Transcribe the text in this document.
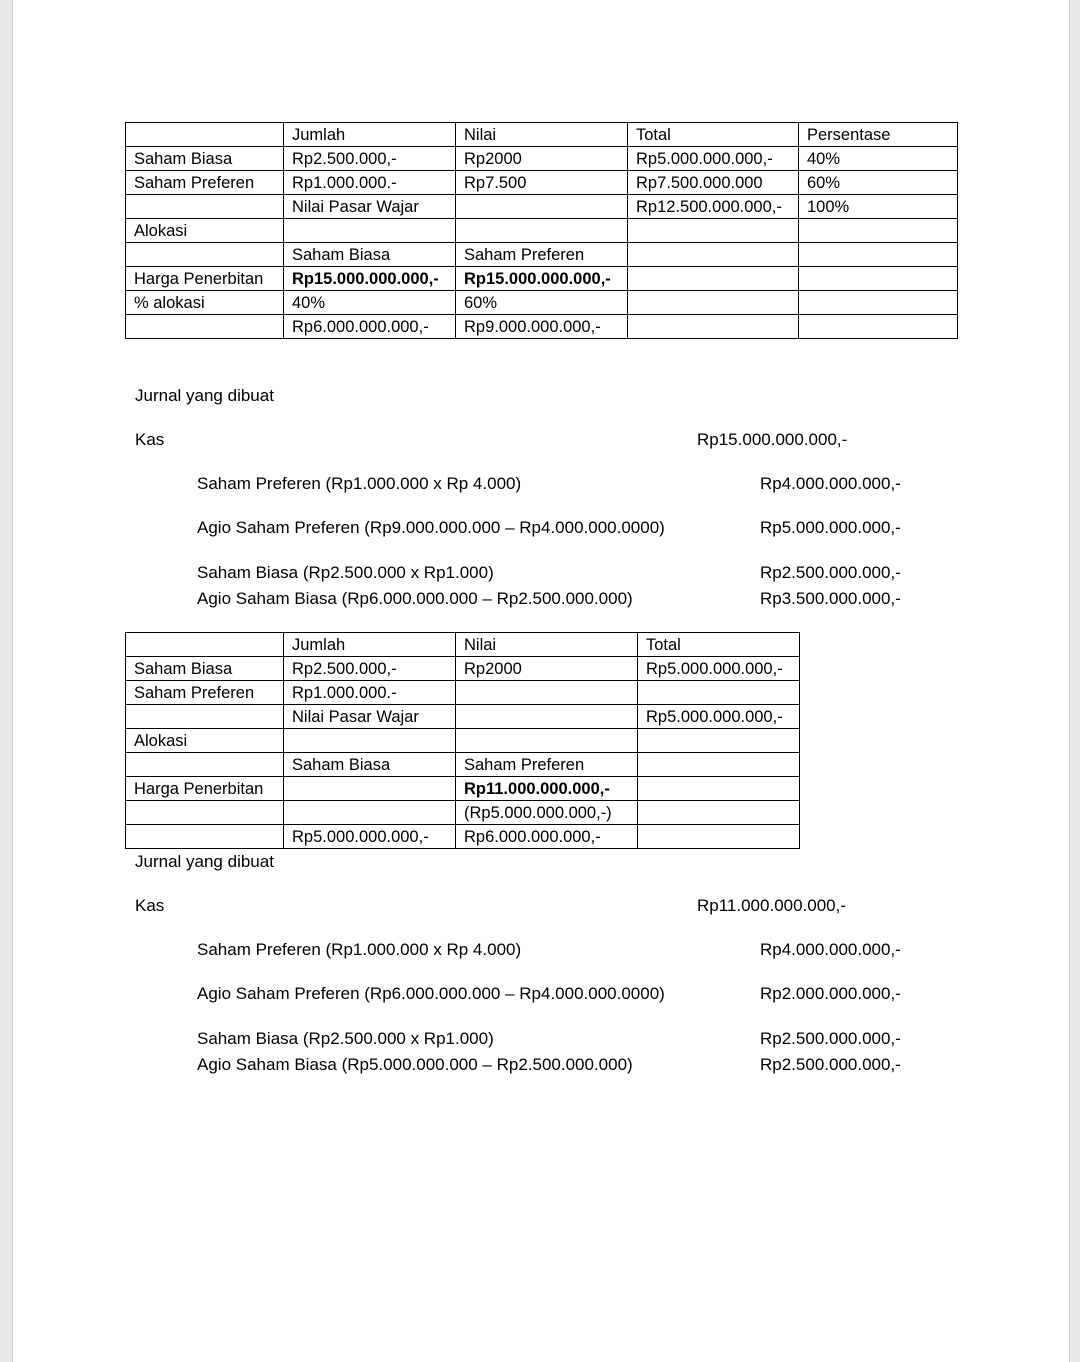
	Jumlah	Nilai	Total	Persentase
Saham Biasa	Rp2.500.000,-	Rp2000	Rp5.000.000.000,-	40%
Saham Preferen	Rp1.000.000.-	Rp7.500	Rp7.500.000.000	60%
	Nilai Pasar Wajar		Rp12.500.000.000,-	100%
Alokasi				
	Saham Biasa	Saham Preferen		
Harga Penerbitan	Rp15.000.000.000,-	Rp15.000.000.000,-		
% alokasi	40%	60%		
	Rp6.000.000.000,-	Rp9.000.000.000,-		
Jurnal yang dibuat
Kas	Rp15.000.000.000,-
Saham Preferen (Rp1.000.000 x Rp 4.000)	Rp4.000.000.000,-
Agio Saham Preferen (Rp9.000.000.000 – Rp4.000.000.0000)	Rp5.000.000.000,-
Saham Biasa (Rp2.500.000 x Rp1.000)	Rp2.500.000.000,-
Agio Saham Biasa (Rp6.000.000.000 – Rp2.500.000.000)	Rp3.500.000.000,-
	Jumlah	Nilai	Total
Saham Biasa	Rp2.500.000,-	Rp2000	Rp5.000.000.000,-
Saham Preferen	Rp1.000.000.-		
	Nilai Pasar Wajar		Rp5.000.000.000,-
Alokasi			
	Saham Biasa	Saham Preferen	
Harga Penerbitan		Rp11.000.000.000,-	
		(Rp5.000.000.000,-)	
	Rp5.000.000.000,-	Rp6.000.000.000,-	
Jurnal yang dibuat
Kas	Rp11.000.000.000,-
Saham Preferen (Rp1.000.000 x Rp 4.000)	Rp4.000.000.000,-
Agio Saham Preferen (Rp6.000.000.000 – Rp4.000.000.0000)	Rp2.000.000.000,-
Saham Biasa (Rp2.500.000 x Rp1.000)	Rp2.500.000.000,-
Agio Saham Biasa (Rp5.000.000.000 – Rp2.500.000.000)	Rp2.500.000.000,-
